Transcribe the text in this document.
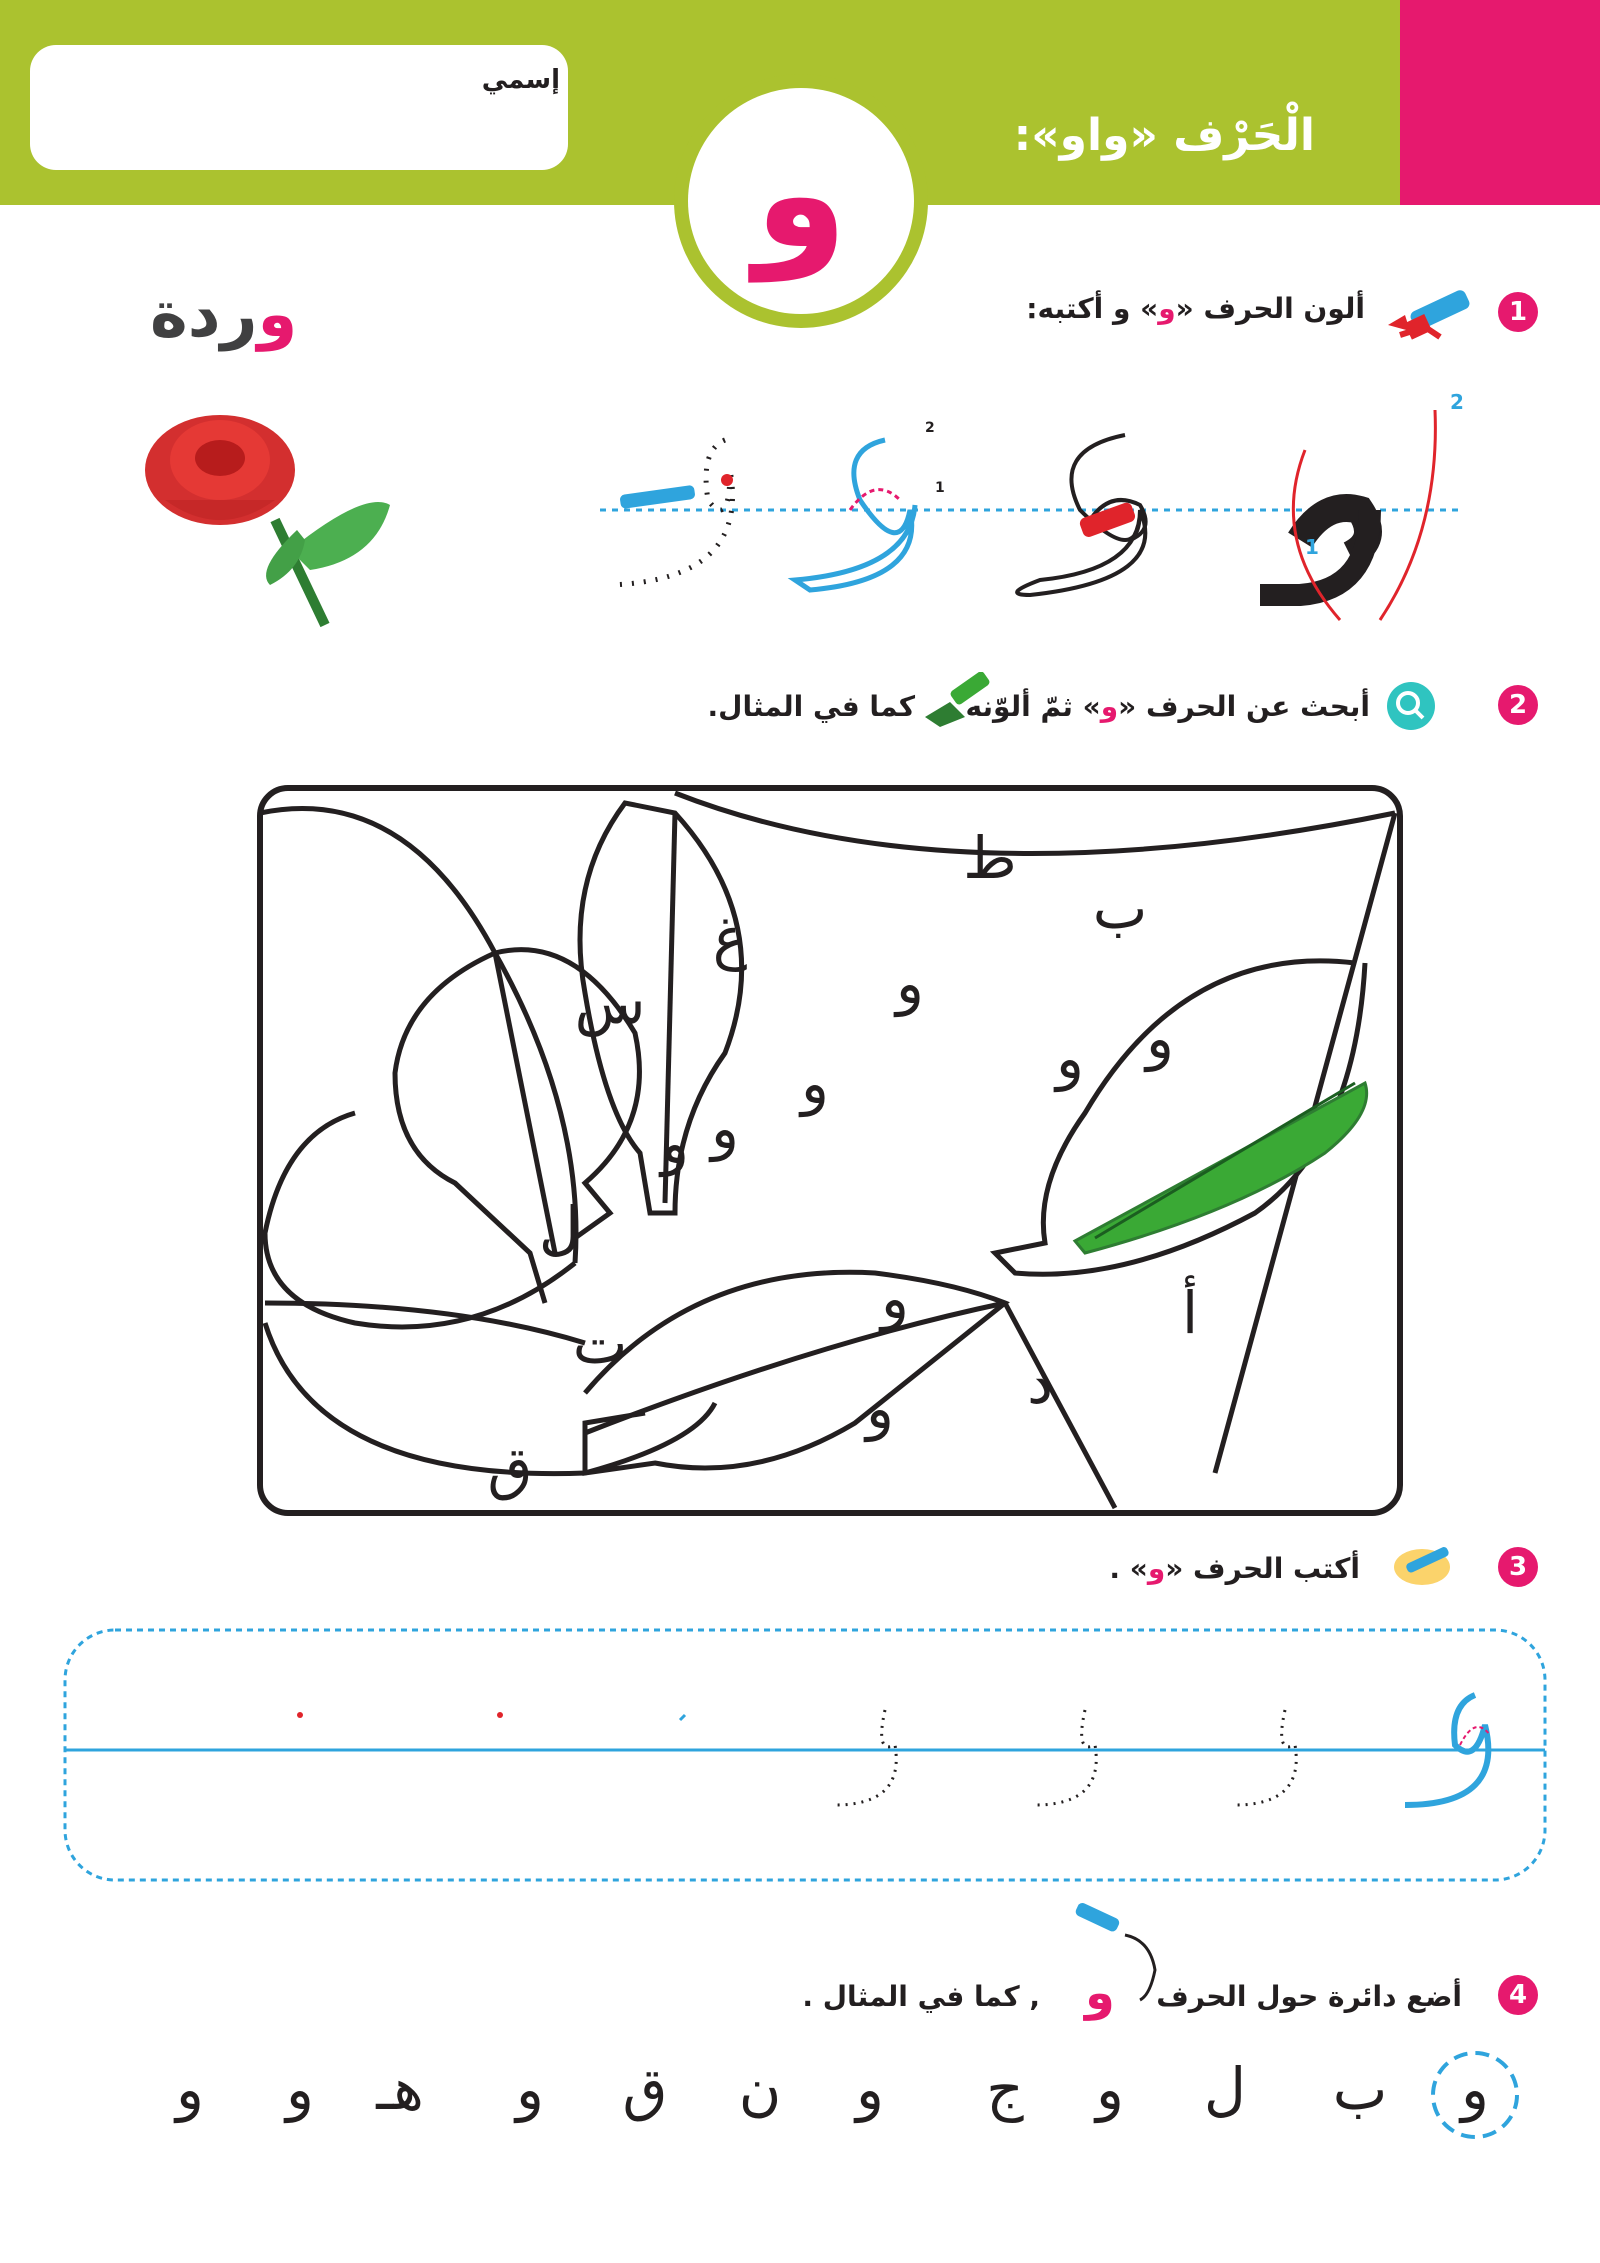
إسمي
الْحَرْف «واو»:
و
1
ألون الحرف «و» و أكتبه:
وردة
2
1
2
1
2
أبحث عن الحرف «و» ثمّ ألوّنه
كما في المثال.
س
غ
ط
ب
و
و
و
و
و
و
ل
و	أ
ت
د
و
ق
3
أكتب الحرف «و» .
4
أضع دائرة حول الحرف
و
, كما في المثال .
و
ب
ل
و
ج
و
ن
ق
و
هـ
و
و
